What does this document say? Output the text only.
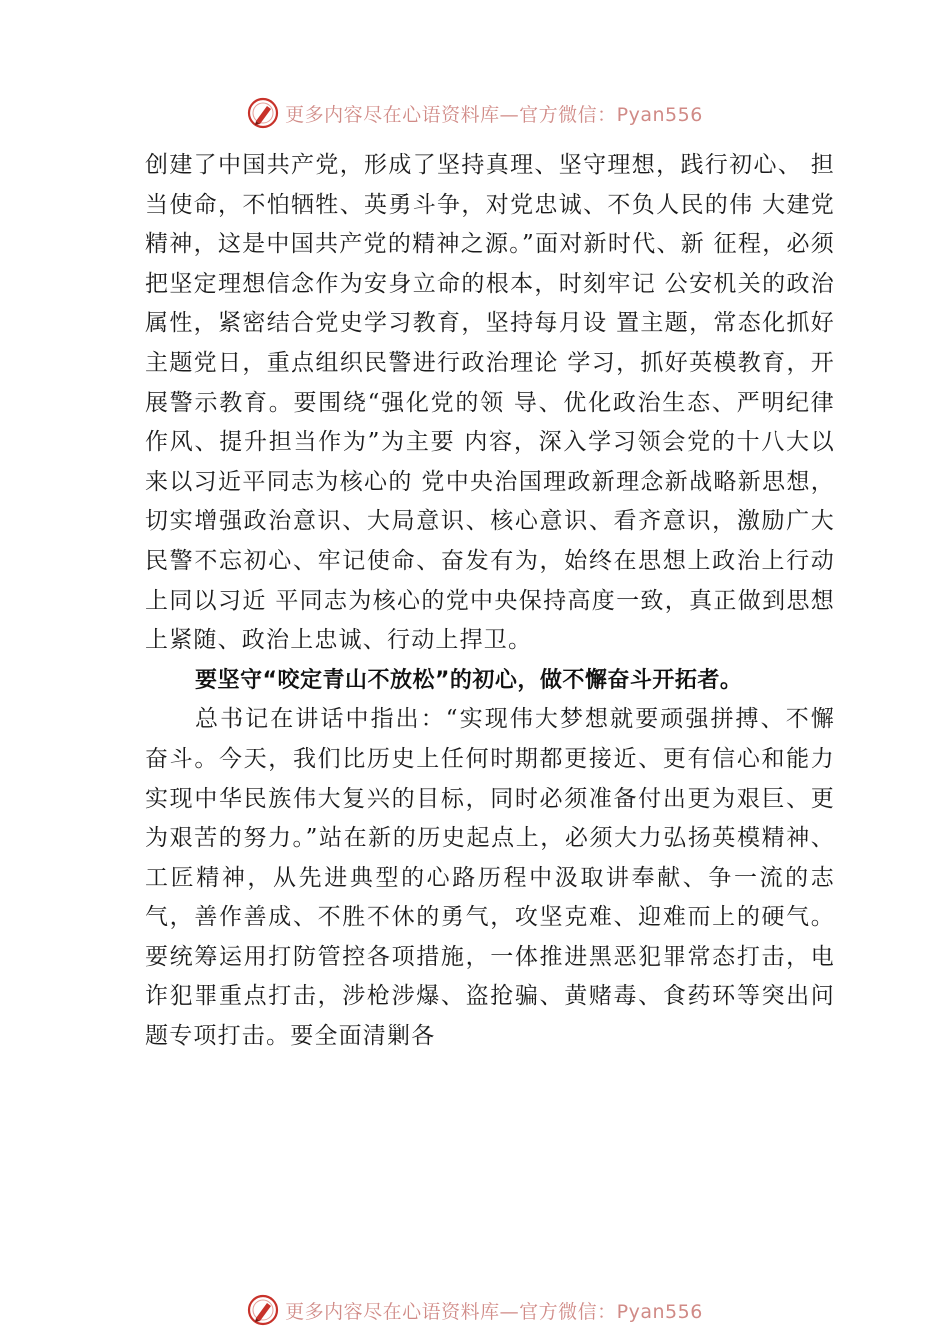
更多内容尽在心语资料库—官方微信：Pyan556

创建了中国共产党，形成了坚持真理、坚守理想，践行初心、 担当使命，不怕牺牲、英勇斗争，对党忠诚、不负人民的伟 大建党精神，这是中国共产党的精神之源。”面对新时代、新 征程，必须把坚定理想信念作为安身立命的根本，时刻牢记 公安机关的政治属性，紧密结合党史学习教育，坚持每月设 置主题，常态化抓好主题党日，重点组织民警进行政治理论 学习，抓好英模教育，开展警示教育。要围绕“强化党的领 导、优化政治生态、严明纪律作风、提升担当作为”为主要 内容，深入学习领会党的十八大以来以习近平同志为核心的 党中央治国理政新理念新战略新思想，切实增强政治意识、大局意识、核心意识、看齐意识，激励广大民警不忘初心、牢记使命、奋发有为，始终在思想上政治上行动上同以习近 平同志为核心的党中央保持高度一致，真正做到思想上紧随、政治上忠诚、行动上捍卫。

要坚守“咬定青山不放松”的初心，做不懈奋斗开拓者。

总书记在讲话中指出：“实现伟大梦想就要顽强拼搏、不懈奋斗。今天，我们比历史上任何时期都更接近、更有信心和能力实现中华民族伟大复兴的目标，同时必须准备付出更为艰巨、更为艰苦的努力。”站在新的历史起点上，必须大力弘扬英模精神、工匠精神，从先进典型的心路历程中汲取讲奉献、争一流的志气，善作善成、不胜不休的勇气，攻坚克难、迎难而上的硬气。要统筹运用打防管控各项措施，一体推进黑恶犯罪常态打击，电诈犯罪重点打击，涉枪涉爆、盗抢骗、黄赌毒、食药环等突出问题专项打击。要全面清剿各

更多内容尽在心语资料库—官方微信：Pyan556
